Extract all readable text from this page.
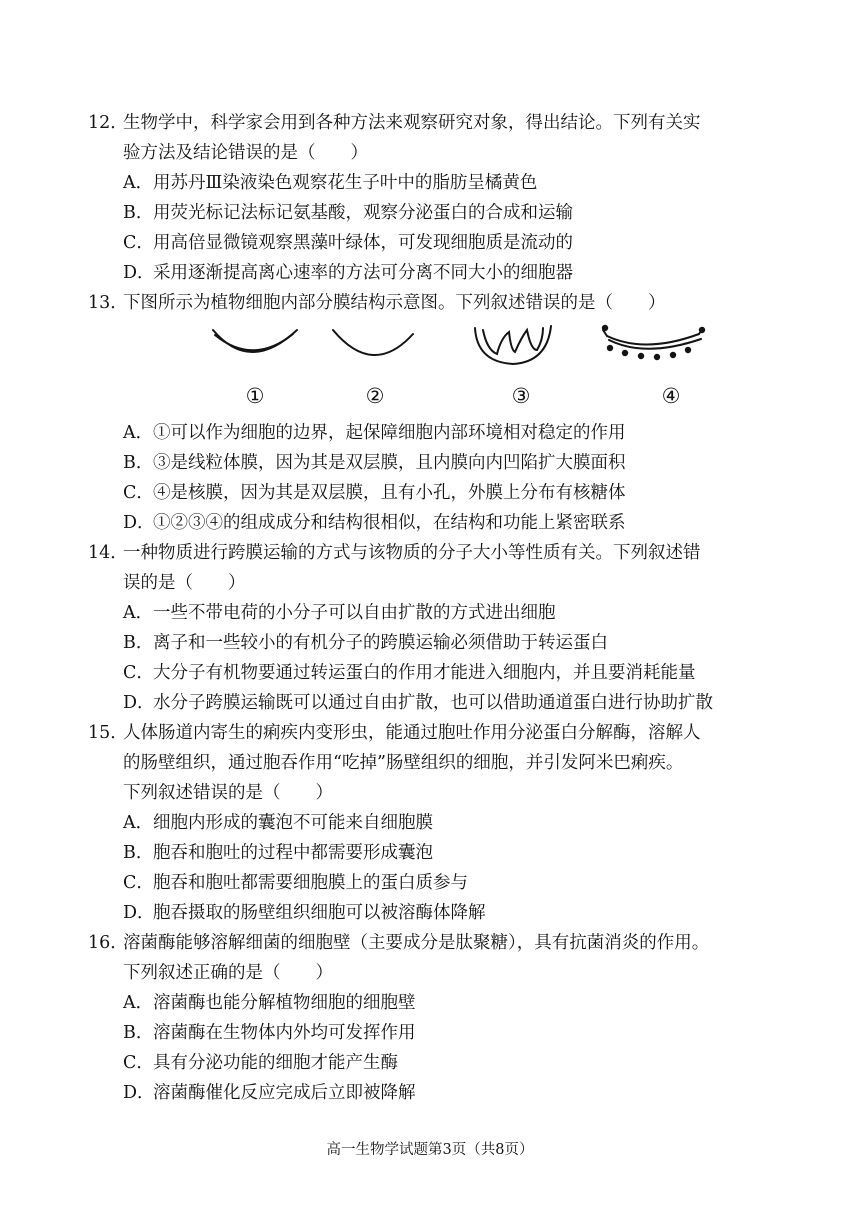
12．生物学中，科学家会用到各种方法来观察研究对象，得出结论。下列有关实
验方法及结论错误的是（　　）
A．用苏丹Ⅲ染液染色观察花生子叶中的脂肪呈橘黄色
B．用荧光标记法标记氨基酸，观察分泌蛋白的合成和运输
C．用高倍显微镜观察黑藻叶绿体，可发现细胞质是流动的
D．采用逐渐提高离心速率的方法可分离不同大小的细胞器
13．下图所示为植物细胞内部分膜结构示意图。下列叙述错误的是（　　）
①	②	③	④
A．①可以作为细胞的边界，起保障细胞内部环境相对稳定的作用
B．③是线粒体膜，因为其是双层膜，且内膜向内凹陷扩大膜面积
C．④是核膜，因为其是双层膜，且有小孔，外膜上分布有核糖体
D．①②③④的组成成分和结构很相似，在结构和功能上紧密联系
14．一种物质进行跨膜运输的方式与该物质的分子大小等性质有关。下列叙述错
误的是（　　）
A．一些不带电荷的小分子可以自由扩散的方式进出细胞
B．离子和一些较小的有机分子的跨膜运输必须借助于转运蛋白
C．大分子有机物要通过转运蛋白的作用才能进入细胞内，并且要消耗能量
D．水分子跨膜运输既可以通过自由扩散，也可以借助通道蛋白进行协助扩散
15．人体肠道内寄生的痢疾内变形虫，能通过胞吐作用分泌蛋白分解酶，溶解人
的肠壁组织，通过胞吞作用“吃掉”肠壁组织的细胞，并引发阿米巴痢疾。
下列叙述错误的是（　　）
A．细胞内形成的囊泡不可能来自细胞膜
B．胞吞和胞吐的过程中都需要形成囊泡
C．胞吞和胞吐都需要细胞膜上的蛋白质参与
D．胞吞摄取的肠壁组织细胞可以被溶酶体降解
16．溶菌酶能够溶解细菌的细胞壁（主要成分是肽聚糖），具有抗菌消炎的作用。
下列叙述正确的是（　　）
A．溶菌酶也能分解植物细胞的细胞壁
B．溶菌酶在生物体内外均可发挥作用
C．具有分泌功能的细胞才能产生酶
D．溶菌酶催化反应完成后立即被降解
高一生物学试题第3页（共8页）
